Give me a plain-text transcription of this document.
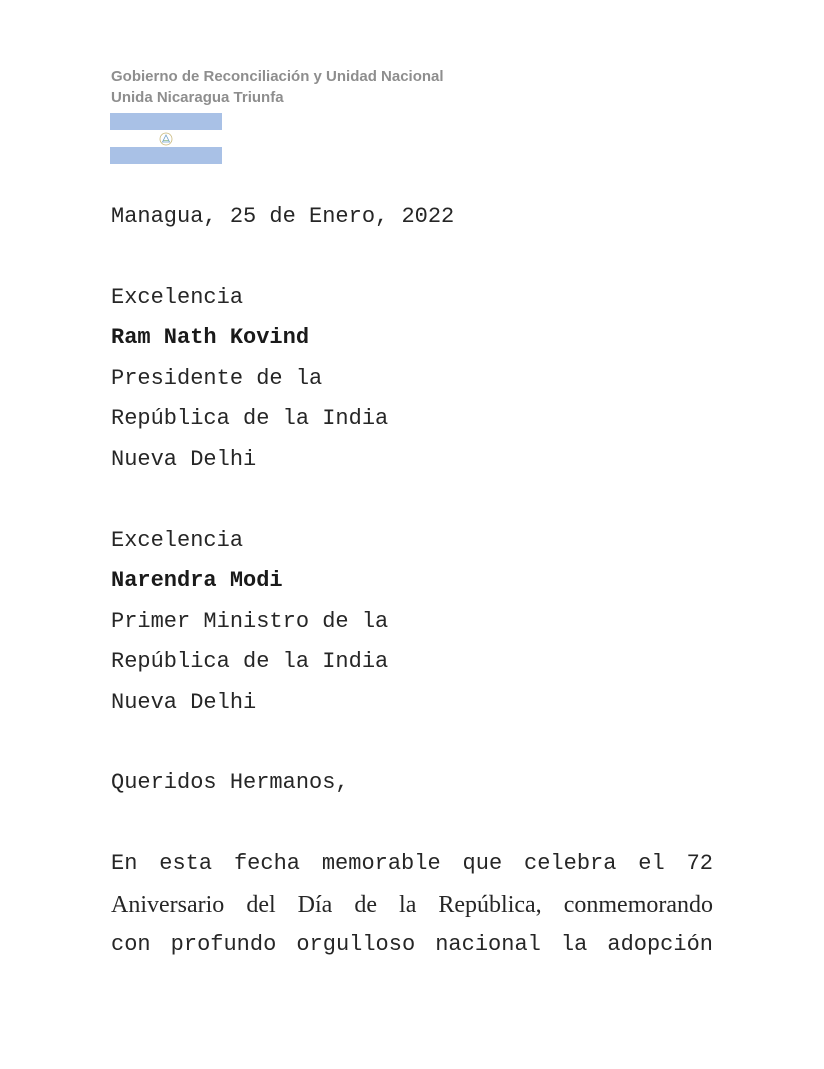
Gobierno de Reconciliación y Unidad Nacional
Unida Nicaragua Triunfa
Managua, 25 de Enero, 2022
Excelencia
Ram Nath Kovind
Presidente de la
República de la India
Nueva Delhi
Excelencia
Narendra Modi
Primer Ministro de la
República de la India
Nueva Delhi
Queridos Hermanos,
En esta fecha memorable que celebra el 72
Aniversario del Día de la República, conmemorando
con profundo orgulloso nacional la adopción
